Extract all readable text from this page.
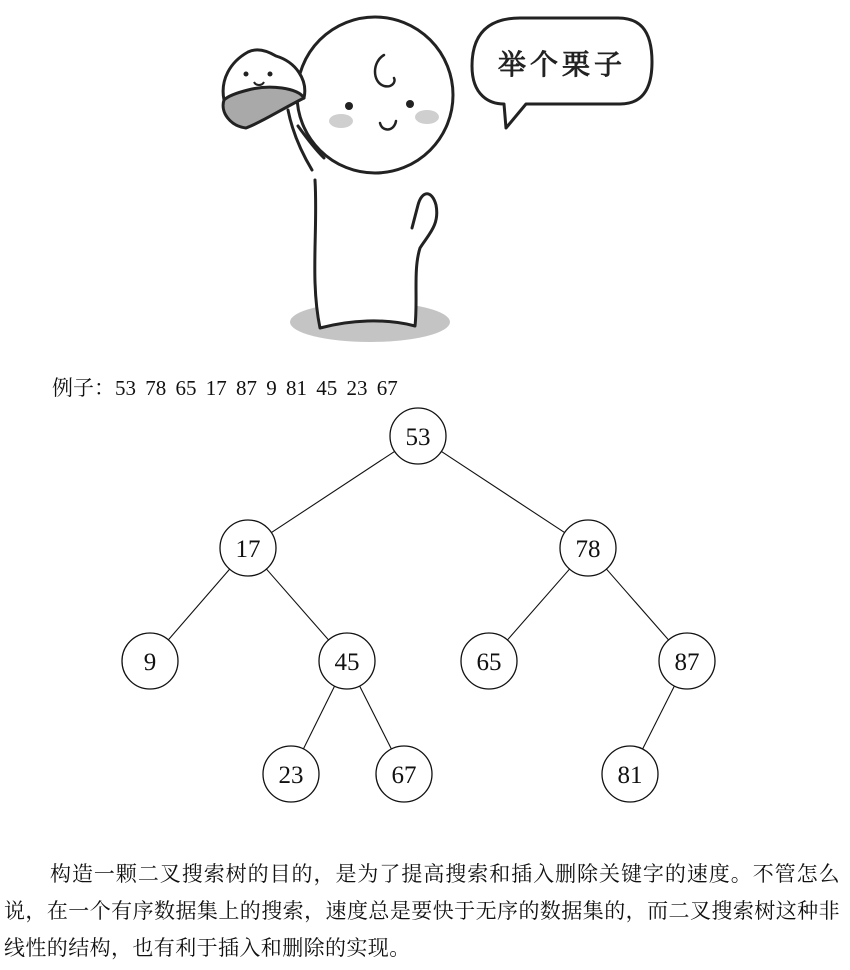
举个栗子
例子：53 78 65 17 87 9 81 45 23 67
53
17	78
9	45	65	87
23	67	81

构造一颗二叉搜索树的目的，是为了提高搜索和插入删除关键字的速度。不管怎么说，在一个有序数据集上的搜索，速度总是要快于无序的数据集的，而二叉搜索树这种非线性的结构，也有利于插入和删除的实现。
